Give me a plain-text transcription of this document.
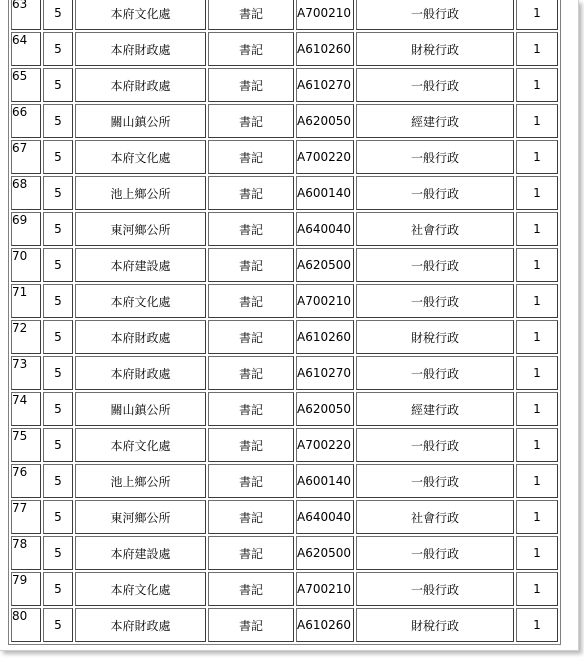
63	5	本府文化處	書記	A700210	一般行政	1
64	5	本府財政處	書記	A610260	財稅行政	1
65	5	本府財政處	書記	A610270	一般行政	1
66	5	關山鎮公所	書記	A620050	經建行政	1
67	5	本府文化處	書記	A700220	一般行政	1
68	5	池上鄉公所	書記	A600140	一般行政	1
69	5	東河鄉公所	書記	A640040	社會行政	1
70	5	本府建設處	書記	A620500	一般行政	1
71	5	本府文化處	書記	A700210	一般行政	1
72	5	本府財政處	書記	A610260	財稅行政	1
73	5	本府財政處	書記	A610270	一般行政	1
74	5	關山鎮公所	書記	A620050	經建行政	1
75	5	本府文化處	書記	A700220	一般行政	1
76	5	池上鄉公所	書記	A600140	一般行政	1
77	5	東河鄉公所	書記	A640040	社會行政	1
78	5	本府建設處	書記	A620500	一般行政	1
79	5	本府文化處	書記	A700210	一般行政	1
80	5	本府財政處	書記	A610260	財稅行政	1
